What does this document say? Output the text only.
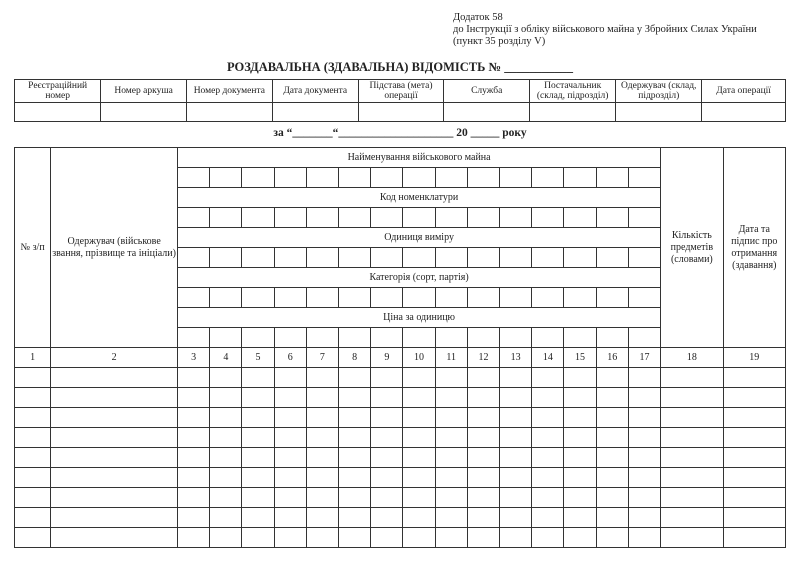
Додаток 58
до Інструкції з обліку військового майна у Збройних Силах України
(пункт 35 розділу V)
РОЗДАВАЛЬНА (ЗДАВАЛЬНА) ВІДОМІСТЬ № ___________
Реєстраційний номер	Номер аркуша	Номер документа	Дата документа	Підстава (мета) операції	Служба	Постачальник (склад, підрозділ)	Одержувач (склад, підрозділ)	Дата операції

за “_______“____________________ 20 _____ року
№ з/п	Одержувач (військове звання, прізвище та ініціали)	Найменування військового майна															Кількість предметів (словами)	Дата та підпис про отримання (здавання)

		Код номенклатури																

		Одиниця виміру																

		Категорія (сорт, партія)																

		Ціна за одиницю																

1	2	3	4	5	6	7	8	9	10	11	12	13	14	15	16	17	18	19
